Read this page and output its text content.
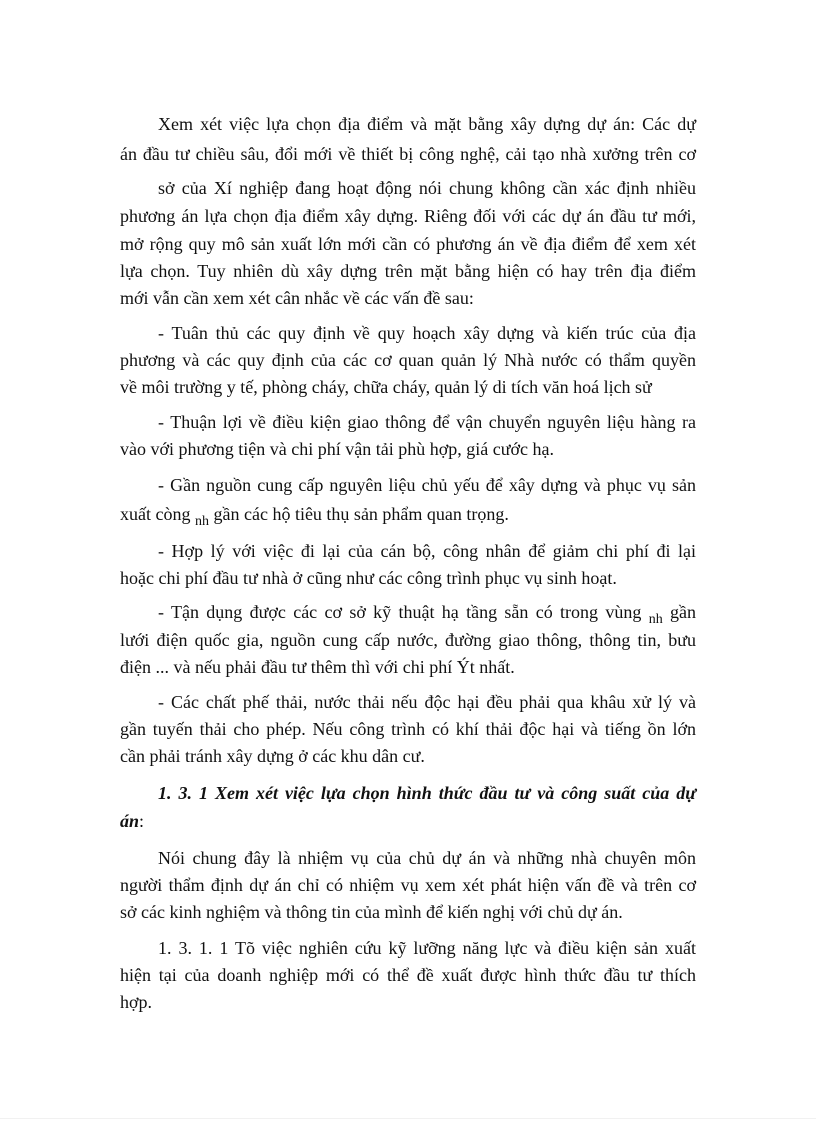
Xem xét việc lựa chọn địa điểm và mặt bằng xây dựng dự án: Các dự
án đầu tư chiều sâu, đổi mới về thiết bị công nghệ, cải tạo nhà xưởng trên cơ
sở của Xí nghiệp đang hoạt động nói chung không cần xác định nhiều
phương án lựa chọn địa điểm xây dựng. Riêng đối với các dự án đầu tư mới,
mở rộng quy mô sản xuất lớn mới cần có phương án về địa điểm để xem xét
lựa chọn. Tuy nhiên dù xây dựng trên mặt bằng hiện có hay trên địa điểm
mới vẫn cần xem xét cân nhắc về các vấn đề sau:
- Tuân thủ các quy định về quy hoạch xây dựng và kiến trúc của địa
phương và các quy định của các cơ quan quản lý Nhà nước có thẩm quyền
về môi trường y tế, phòng cháy, chữa cháy, quản lý di tích văn hoá lịch sử
- Thuận lợi về điều kiện giao thông để vận chuyển nguyên liệu hàng ra
vào với phương tiện và chi phí vận tải phù hợp, giá cước hạ.
- Gần nguồn cung cấp nguyên liệu chủ yếu để xây dựng và phục vụ sản
xuất còng $_{nh}$ gần các hộ tiêu thụ sản phẩm quan trọng.
- Hợp lý với việc đi lại của cán bộ, công nhân để giảm chi phí đi lại
hoặc chi phí đầu tư nhà ở cũng như các công trình phục vụ sinh hoạt.
- Tận dụng được các cơ sở kỹ thuật hạ tầng sẵn có trong vùng $_{nh}$ gần
lưới điện quốc gia, nguồn cung cấp nước, đường giao thông, thông tin, bưu
điện ... và nếu phải đầu tư thêm thì với chi phí Ýt nhất.
- Các chất phế thải, nước thải nếu độc hại đều phải qua khâu xử lý và
gần tuyến thải cho phép. Nếu công trình có khí thải độc hại và tiếng ồn lớn
cần phải tránh xây dựng ở các khu dân cư.
1. 3. 1 Xem xét việc lựa chọn hình thức đầu tư và công suất của dự
án:
Nói chung đây là nhiệm vụ của chủ dự án và những nhà chuyên môn
người thẩm định dự án chỉ có nhiệm vụ xem xét phát hiện vấn đề và trên cơ
sở các kinh nghiệm và thông tin của mình để kiến nghị với chủ dự án.
1. 3. 1. 1 Tõ việc nghiên cứu kỹ lưỡng năng lực và điều kiện sản xuất
hiện tại của doanh nghiệp mới có thể đề xuất được hình thức đầu tư thích
hợp.
